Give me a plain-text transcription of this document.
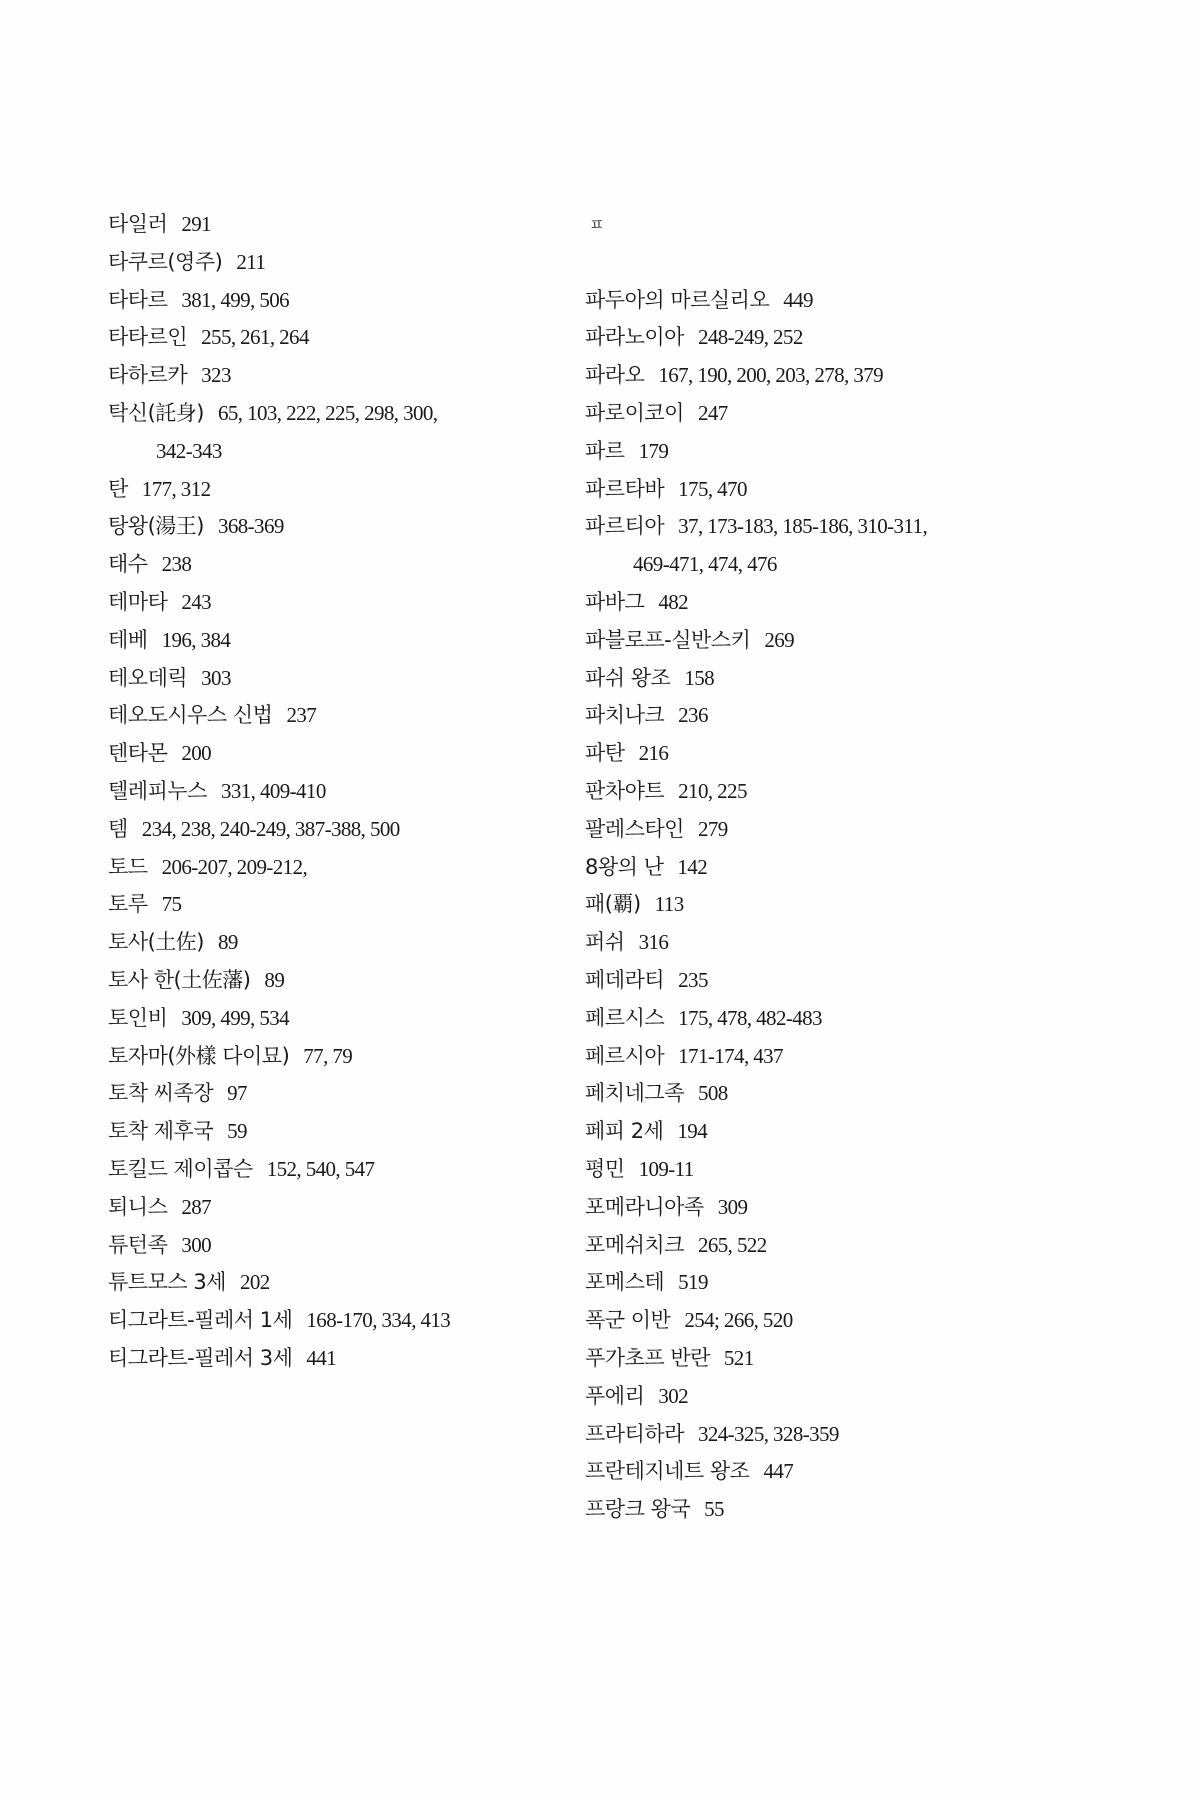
타일러 291
타쿠르(영주) 211
타타르 381, 499, 506
타타르인 255, 261, 264
타하르카 323
탁신(託身) 65, 103, 222, 225, 298, 300,
342-343
탄 177, 312
탕왕(湯王) 368-369
태수 238
테마타 243
테베 196, 384
테오데릭 303
테오도시우스 신법 237
텐타몬 200
텔레피누스 331, 409-410
템 234, 238, 240-249, 387-388, 500
토드 206-207, 209-212,
토루 75
토사(土佐) 89
토사 한(土佐藩) 89
토인비 309, 499, 534
토자마(外樣 다이묘) 77, 79
토착 씨족장 97
토착 제후국 59
토킬드 제이콥슨 152, 540, 547
퇴니스 287
튜턴족 300
튜트모스 3세 202
티그라트-필레서 1세 168-170, 334, 413
티그라트-필레서 3세 441
ㅍ
파두아의 마르실리오 449
파라노이아 248-249, 252
파라오 167, 190, 200, 203, 278, 379
파로이코이 247
파르 179
파르타바 175, 470
파르티아 37, 173-183, 185-186, 310-311,
469-471, 474, 476
파바그 482
파블로프-실반스키 269
파쉬 왕조 158
파치나크 236
파탄 216
판차야트 210, 225
팔레스타인 279
8왕의 난 142
패(覇) 113
퍼쉬 316
페데라티 235
페르시스 175, 478, 482-483
페르시아 171-174, 437
페치네그족 508
페피 2세 194
평민 109-11
포메라니아족 309
포메쉬치크 265, 522
포메스테 519
폭군 이반 254; 266, 520
푸가초프 반란 521
푸에리 302
프라티하라 324-325, 328-359
프란테지네트 왕조 447
프랑크 왕국 55
